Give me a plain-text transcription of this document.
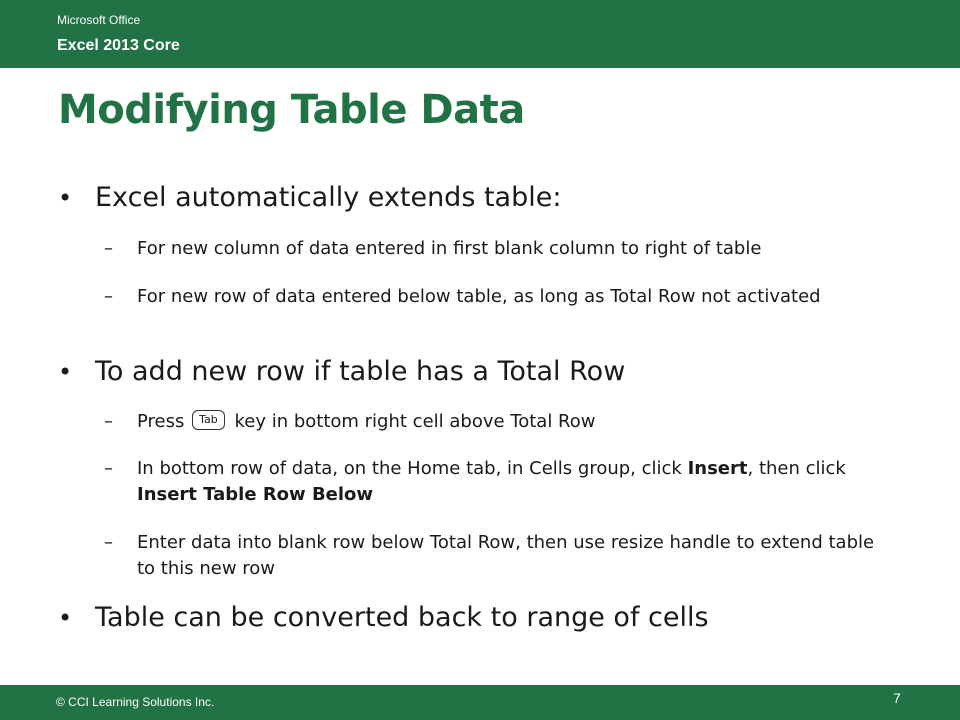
Microsoft Office
Excel 2013 Core
Modifying Table Data
• Excel automatically extends table:
– For new column of data entered in first blank column to right of table
– For new row of data entered below table, as long as Total Row not activated
• To add new row if table has a Total Row
– Press Tab key in bottom right cell above Total Row
– In bottom row of data, on the Home tab, in Cells group, click Insert, then click Insert Table Row Below
– Enter data into blank row below Total Row, then use resize handle to extend table to this new row
• Table can be converted back to range of cells
© CCI Learning Solutions Inc.	7
